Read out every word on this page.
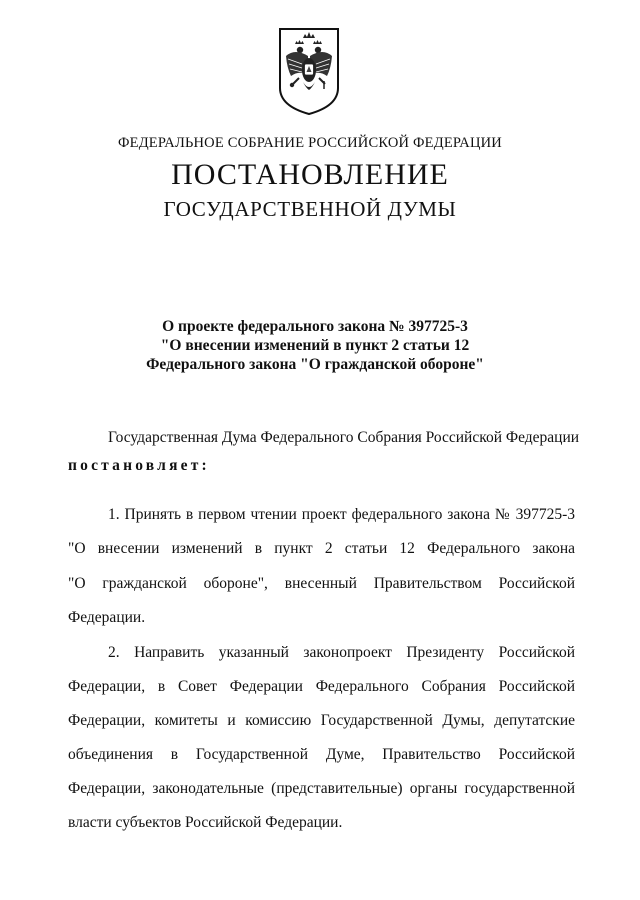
ФЕДЕРАЛЬНОЕ СОБРАНИЕ РОССИЙСКОЙ ФЕДЕРАЦИИ
ПОСТАНОВЛЕНИЕ
ГОСУДАРСТВЕННОЙ ДУМЫ
О проекте федерального закона № 397725-3
"О внесении изменений в пункт 2 статьи 12
Федерального закона "О гражданской обороне"
Государственная Дума Федерального Собрания Российской Федерации
постановляет:
1. Принять в первом чтении проект федерального закона № 397725-3
"О внесении изменений в пункт 2 статьи 12 Федерального закона
"О гражданской обороне", внесенный Правительством Российской
Федерации.
2. Направить указанный законопроект Президенту Российской
Федерации, в Совет Федерации Федерального Собрания Российской
Федерации, комитеты и комиссию Государственной Думы, депутатские
объединения в Государственной Думе, Правительство Российской
Федерации, законодательные (представительные) органы государственной
власти субъектов Российской Федерации.
